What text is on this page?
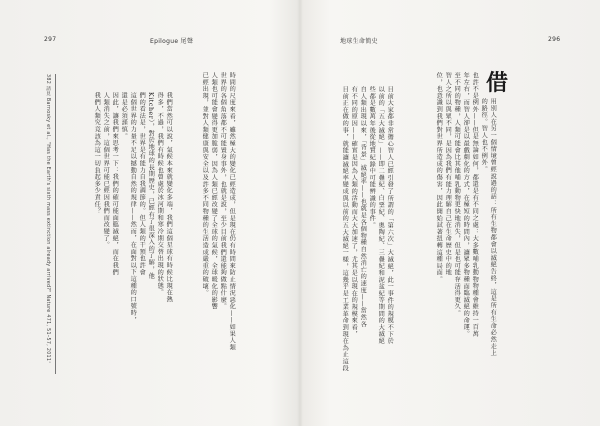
297	Epilogue 尾聲
382 請見 Barnosky et al., "Has the Earth's sixth mass extinction already arrived?" Nature 471, 51–57, 2011。	我們人類究竟該為這一切負起多少責任？ 人類消失之前，這個世界可能已經因我們而改變了。 因此，讓我們來思考一下：我們的確可能面臨滅絕，而在我們 還是必須謹慎。 這個世界的力量不足以撼動自然的規律——然而，在面對以下這種的口號時， 們的看法是，世界是有能力自我調節的。但人類的干預也許會 Kitcher），對於地球的長期歷史，已經有了很深入的了解，他 得多，不過，我們有時候也曾處於冰河期和寒冷期交替出現的狀態。 我們當然可以說，氣候本來就變化多端，我們這個星球有時候比現在熱	已經出現，並對人類健康與安全以及許多不同物種的生活造成嚴重的破壞。 人類也可能會變得更加脆弱，因為人類已經改變了全球的氣候，全球暖化的影響 世界的各個角落都不可能置身事外，也就是說，至少目前我們還能夠做點什麼。 時間的尺度來看，雖然極大的變化已經造成，但是現在仍有時間來防止情況惡化——如果人類
地球生命簡史	296
目前正在做的事，就能讓滅絕率變成與以前的五大滅絕一樣，這幾乎是工業革命到現在為止這段 有不同的原因——確實是因為人類的活動而大大加速了，尤其是以現在的規模來看， 自人類出現以來，「背景」滅絕率——也就是各個物種自然消亡的速度——當然各 些都是數萬年後從地質紀錄中可能辨識的事件。 以前的「五大滅絕」——即二疊紀、白堊紀、奧陶紀、三疊紀和泥盆紀等期間的大滅絕 目前大家都非常擔心智人已經引發了所謂的「第六次」大滅絕，此一事件的規模不下於	位，也意識到我們對世界所造成的傷害，因此開始試著扭轉這種局面。 智人之所以與眾不同，是因為我們有能力理解自己在生命歷史中的地 至不同的物種，人類可能會比其他哺乳動物更快地消失，但是也可能存活得更久。 年左右，而智人卻是以最戲劇化的方式，在極短的時間內，讓眾多物種面臨滅絕的命運。 也許不是例外——但是無論如何，都還是有不同之處：大多數哺乳動物物種會維持一百萬 的路徑。智人也不例外。 用別人在另一個情境曾經說過的話：所有生物都會以滅絕告終，這是所有生命必然走上
借
